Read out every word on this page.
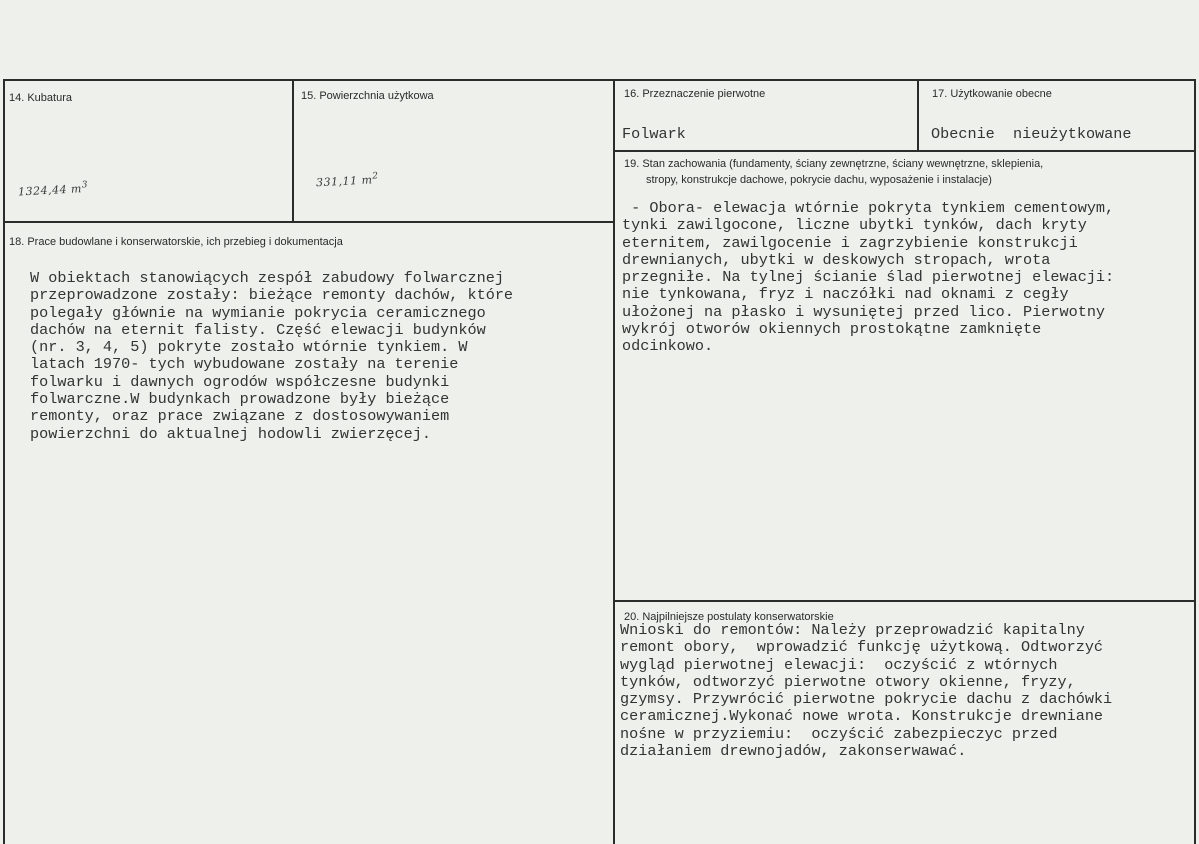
14. Kubatura
1324,44 $m^3$
15. Powierzchnia użytkowa
331,11 $m^2$
16. Przeznaczenie pierwotne
Folwark
17. Użytkowanie obecne
Obecnie  nieużytkowane
18. Prace budowlane i konserwatorskie, ich przebieg i dokumentacja
W obiektach stanowiących zespół zabudowy folwarcznej
przeprowadzone zostały: bieżące remonty dachów, które
polegały głównie na wymianie pokrycia ceramicznego
dachów na eternit falisty. Część elewacji budynków
(nr. 3, 4, 5) pokryte zostało wtórnie tynkiem. W
latach 1970- tych wybudowane zostały na terenie
folwarku i dawnych ogrodów współczesne budynki
folwarczne.W budynkach prowadzone były bieżące
remonty, oraz prace związane z dostosowywaniem
powierzchni do aktualnej hodowli zwierzęcej.
19. Stan zachowania (fundamenty, ściany zewnętrzne, ściany wewnętrzne, sklepienia,
stropy, konstrukcje dachowe, pokrycie dachu, wyposażenie i instalacje)
- Obora- elewacja wtórnie pokryta tynkiem cementowym,
tynki zawilgocone, liczne ubytki tynków, dach kryty
eternitem, zawilgocenie i zagrzybienie konstrukcji
drewnianych, ubytki w deskowych stropach, wrota
przegniłe. Na tylnej ścianie ślad pierwotnej elewacji:
nie tynkowana, fryz i naczółki nad oknami z cegły
ułożonej na płasko i wysuniętej przed lico. Pierwotny
wykrój otworów okiennych prostokątne zamknięte
odcinkowo.
20. Najpilniejsze postulaty konserwatorskie
Wnioski do remontów: Należy przeprowadzić kapitalny
remont obory,  wprowadzić funkcję użytkową. Odtworzyć
wygląd pierwotnej elewacji:  oczyścić z wtórnych
tynków, odtworzyć pierwotne otwory okienne, fryzy,
gzymsy. Przywrócić pierwotne pokrycie dachu z dachówki
ceramicznej.Wykonać nowe wrota. Konstrukcje drewniane
nośne w przyziemiu:  oczyścić zabezpieczyc przed
działaniem drewnojadów, zakonserwawać.
